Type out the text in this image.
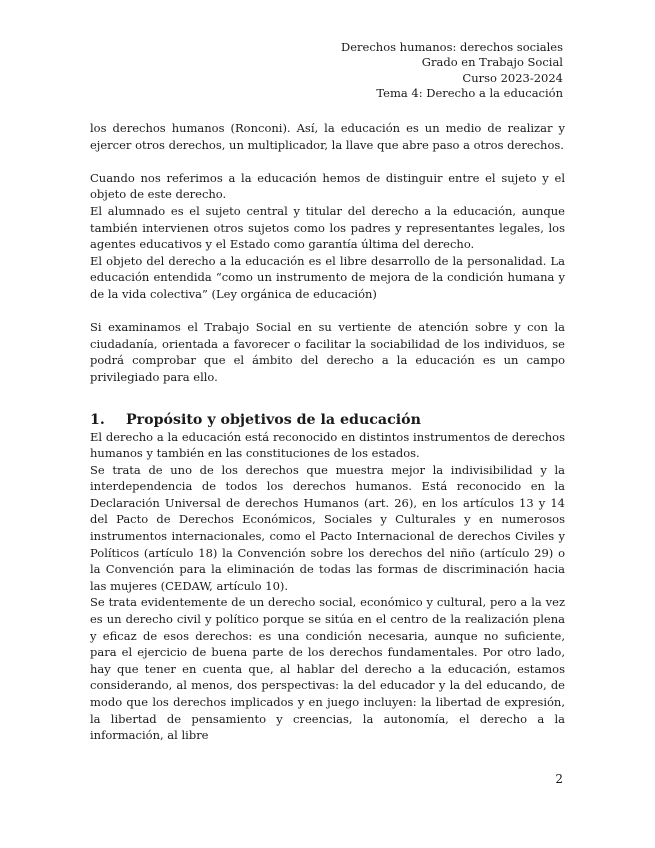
Derechos humanos: derechos sociales
Grado en Trabajo Social
Curso 2023-2024
Tema 4: Derecho a la educación

los derechos humanos (Ronconi). Así, la educación es un medio de realizar y ejercer otros derechos, un multiplicador, la llave que abre paso a otros derechos.

Cuando nos referimos a la educación hemos de distinguir entre el sujeto y el objeto de este derecho.

El alumnado es el sujeto central y titular del derecho a la educación, aunque también intervienen otros sujetos como los padres y representantes legales, los agentes educativos y el Estado como garantía última del derecho.

El objeto del derecho a la educación es el libre desarrollo de la personalidad. La educación entendida “como un instrumento de mejora de la condición humana y de la vida colectiva” (Ley orgánica de educación)

Si examinamos el Trabajo Social en su vertiente de atención sobre y con la ciudadanía, orientada a favorecer o facilitar la sociabilidad de los individuos, se podrá comprobar que el ámbito del derecho a la educación es un campo privilegiado para ello.

1.	Propósito y objetivos de la educación

El derecho a la educación está reconocido en distintos instrumentos de derechos humanos y también en las constituciones de los estados.

Se trata de uno de los derechos que muestra mejor la indivisibilidad y la interdependencia de todos los derechos humanos. Está reconocido en la Declaración Universal de derechos Humanos (art. 26), en los artículos 13 y 14 del Pacto de Derechos Económicos, Sociales y Culturales y en numerosos instrumentos internacionales, como el Pacto Internacional de derechos Civiles y Políticos (artículo 18) la Convención sobre los derechos del niño (artículo 29) o la Convención para la eliminación de todas las formas de discriminación hacia las mujeres (CEDAW, artículo 10).

Se trata evidentemente de un derecho social, económico y cultural, pero a la vez es un derecho civil y político porque se sitúa en el centro de la realización plena y eficaz de esos derechos: es una condición necesaria, aunque no suficiente, para el ejercicio de buena parte de los derechos fundamentales. Por otro lado, hay que tener en cuenta que, al hablar del derecho a la educación, estamos considerando, al menos, dos perspectivas: la del educador y la del educando, de modo que los derechos implicados y en juego incluyen: la libertad de expresión, la libertad de pensamiento y creencias, la autonomía, el derecho a la información, al libre

2
